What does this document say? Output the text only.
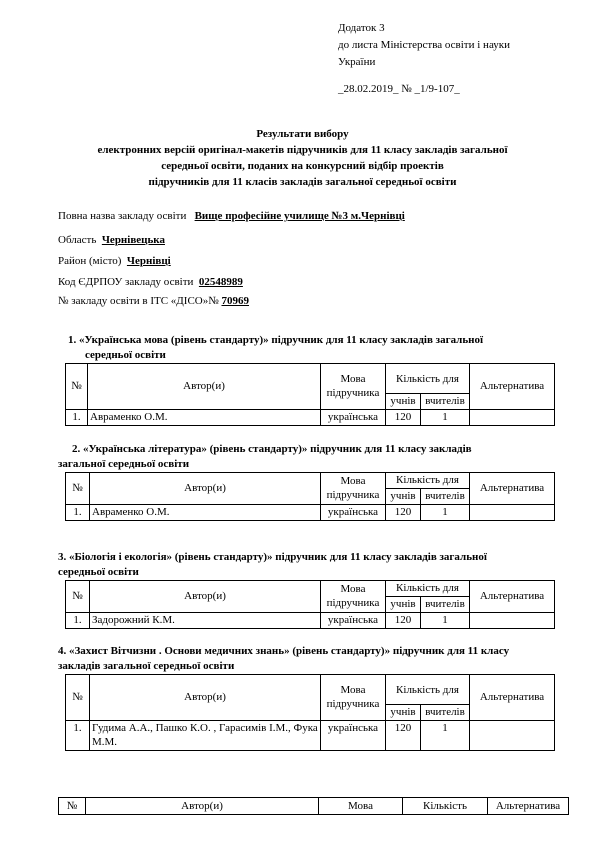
Додаток 3
до листа Міністерства освіти і науки
України
_28.02.2019_ № _1/9-107_
Результати вибору
електронних версій оригінал-макетів підручників для 11 класу закладів загальної
середньої освіти, поданих на конкурсний відбір проектів
підручників для 11 класів закладів загальної середньої освіти
Повна назва закладу освіти Вище професійне училище №3 м.Чернівці
Область Чернівецька
Район (місто) Чернівці
Код ЄДРПОУ закладу освіти 02548989
№ закладу освіти в ІТС «ДІСО»№ 70969
1. «Українська мова (рівень стандарту)» підручник для 11 класу закладів загальної
середньої освіти
№	Автор(и)	Мова підручника	Кількість для		Альтернатива
			учнів	вчителів	
1.	Авраменко О.М.	українська	120	1	
2. «Українська література» (рівень стандарту)» підручник для 11 класу закладів
загальної середньої освіти
№	Автор(и)	Мова підручника	Кількість для		Альтернатива
			учнів	вчителів	
1.	Авраменко О.М.	українська	120	1	
3. «Біологія і екологія» (рівень стандарту)» підручник для 11 класу закладів загальної
середньої освіти
№	Автор(и)	Мова підручника	Кількість для		Альтернатива
			учнів	вчителів	
1.	Задорожний К.М.	українська	120	1	
4. «Захист Вітчизни . Основи медичних знань» (рівень стандарту)» підручник для 11 класу
закладів загальної середньої освіти
№	Автор(и)	Мова підручника	Кількість для		Альтернатива
			учнів	вчителів	
1.	Гудима А.А., Пашко К.О. , Гарасимів І.М., Фука М.М.	українська	120	1	
№	Автор(и)	Мова	Кількість	Альтернатива
